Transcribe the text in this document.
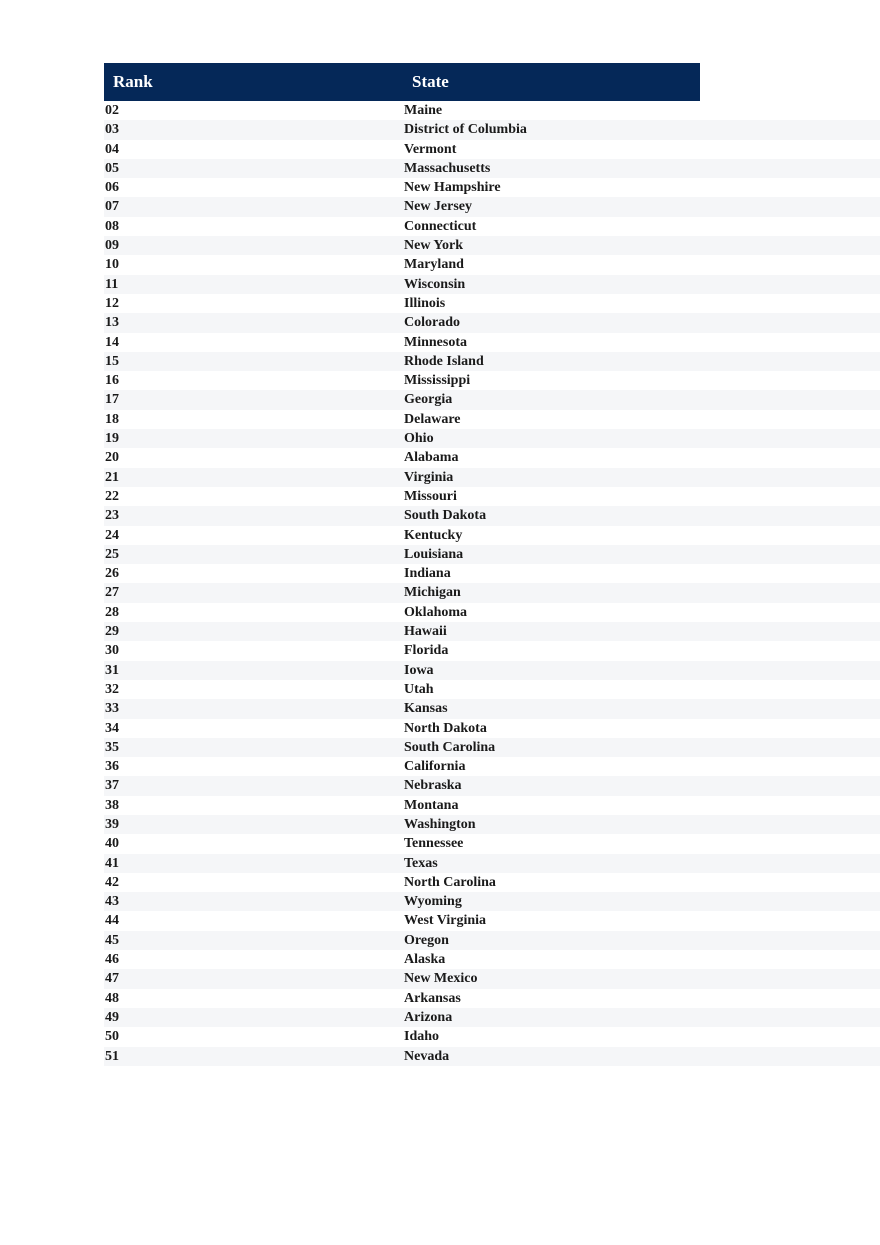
Rank	State
02	Maine
03	District of Columbia
04	Vermont
05	Massachusetts
06	New Hampshire
07	New Jersey
08	Connecticut
09	New York
10	Maryland
11	Wisconsin
12	Illinois
13	Colorado
14	Minnesota
15	Rhode Island
16	Mississippi
17	Georgia
18	Delaware
19	Ohio
20	Alabama
21	Virginia
22	Missouri
23	South Dakota
24	Kentucky
25	Louisiana
26	Indiana
27	Michigan
28	Oklahoma
29	Hawaii
30	Florida
31	Iowa
32	Utah
33	Kansas
34	North Dakota
35	South Carolina
36	California
37	Nebraska
38	Montana
39	Washington
40	Tennessee
41	Texas
42	North Carolina
43	Wyoming
44	West Virginia
45	Oregon
46	Alaska
47	New Mexico
48	Arkansas
49	Arizona
50	Idaho
51	Nevada
